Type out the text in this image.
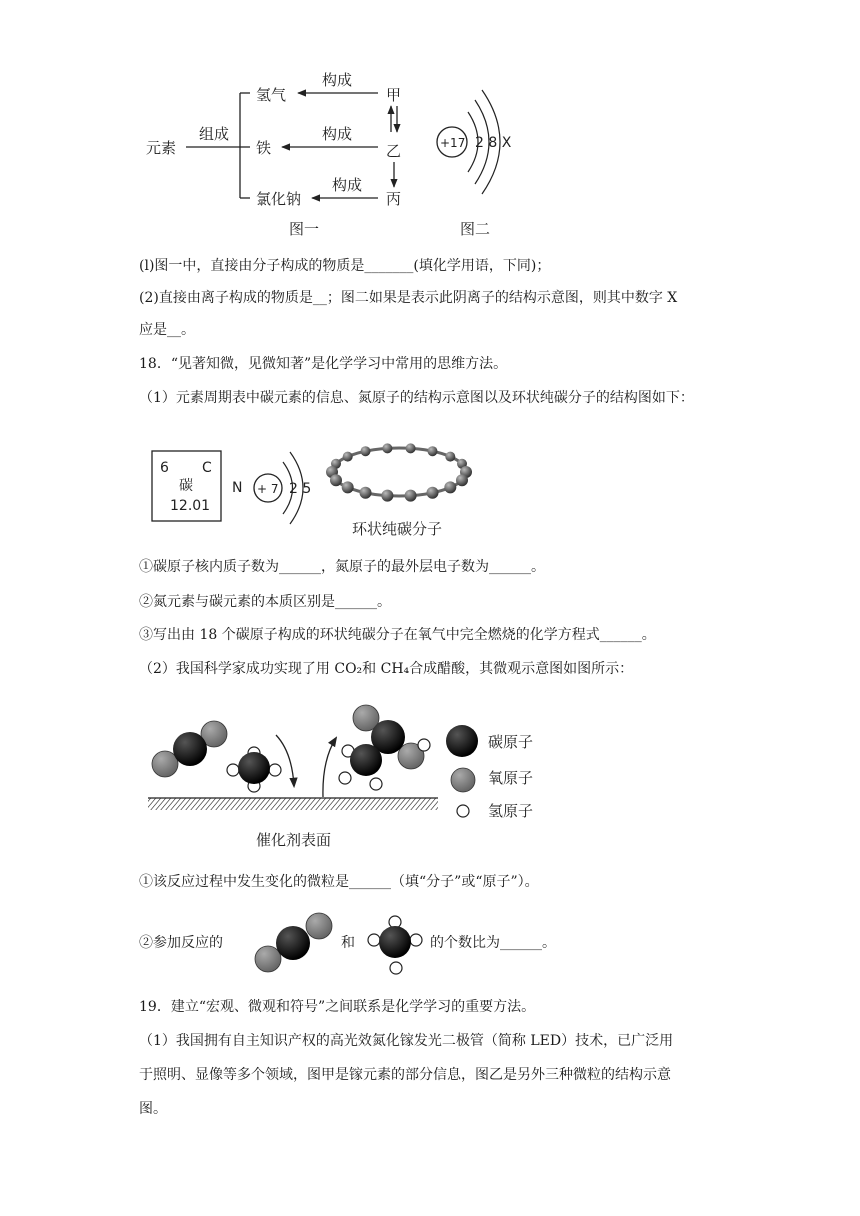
元素
组成
氢气
铁
氯化钠
构成
构成
构成
甲
乙
丙
图一
+17 2 8 X
图二
(l)图一中，直接由分子构成的物质是_______(填化学用语，下同)；
(2)直接由离子构成的物质是__；图二如果是表示此阴离子的结构示意图，则其中数字 X
应是__。
18．“见著知微，见微知著”是化学学习中常用的思维方法。
（1）元素周期表中碳元素的信息、氮原子的结构示意图以及环状纯碳分子的结构图如下：
6 C
碳
12.01
N + 7 2 5
环状纯碳分子
①碳原子核内质子数为______，氮原子的最外层电子数为______。
②氮元素与碳元素的本质区别是______。
③写出由 18 个碳原子构成的环状纯碳分子在氧气中完全燃烧的化学方程式______。
（2）我国科学家成功实现了用 CO₂和 CH₄合成醋酸，其微观示意图如图所示：
催化剂表面
碳原子
氧原子
氢原子
①该反应过程中发生变化的微粒是______（填“分子”或“原子”）。
②参加反应的	和	的个数比为______。
19．建立“宏观、微观和符号”之间联系是化学学习的重要方法。
（1）我国拥有自主知识产权的高光效氮化镓发光二极管（简称 LED）技术，已广泛用
于照明、显像等多个领域，图甲是镓元素的部分信息，图乙是另外三种微粒的结构示意
图。
